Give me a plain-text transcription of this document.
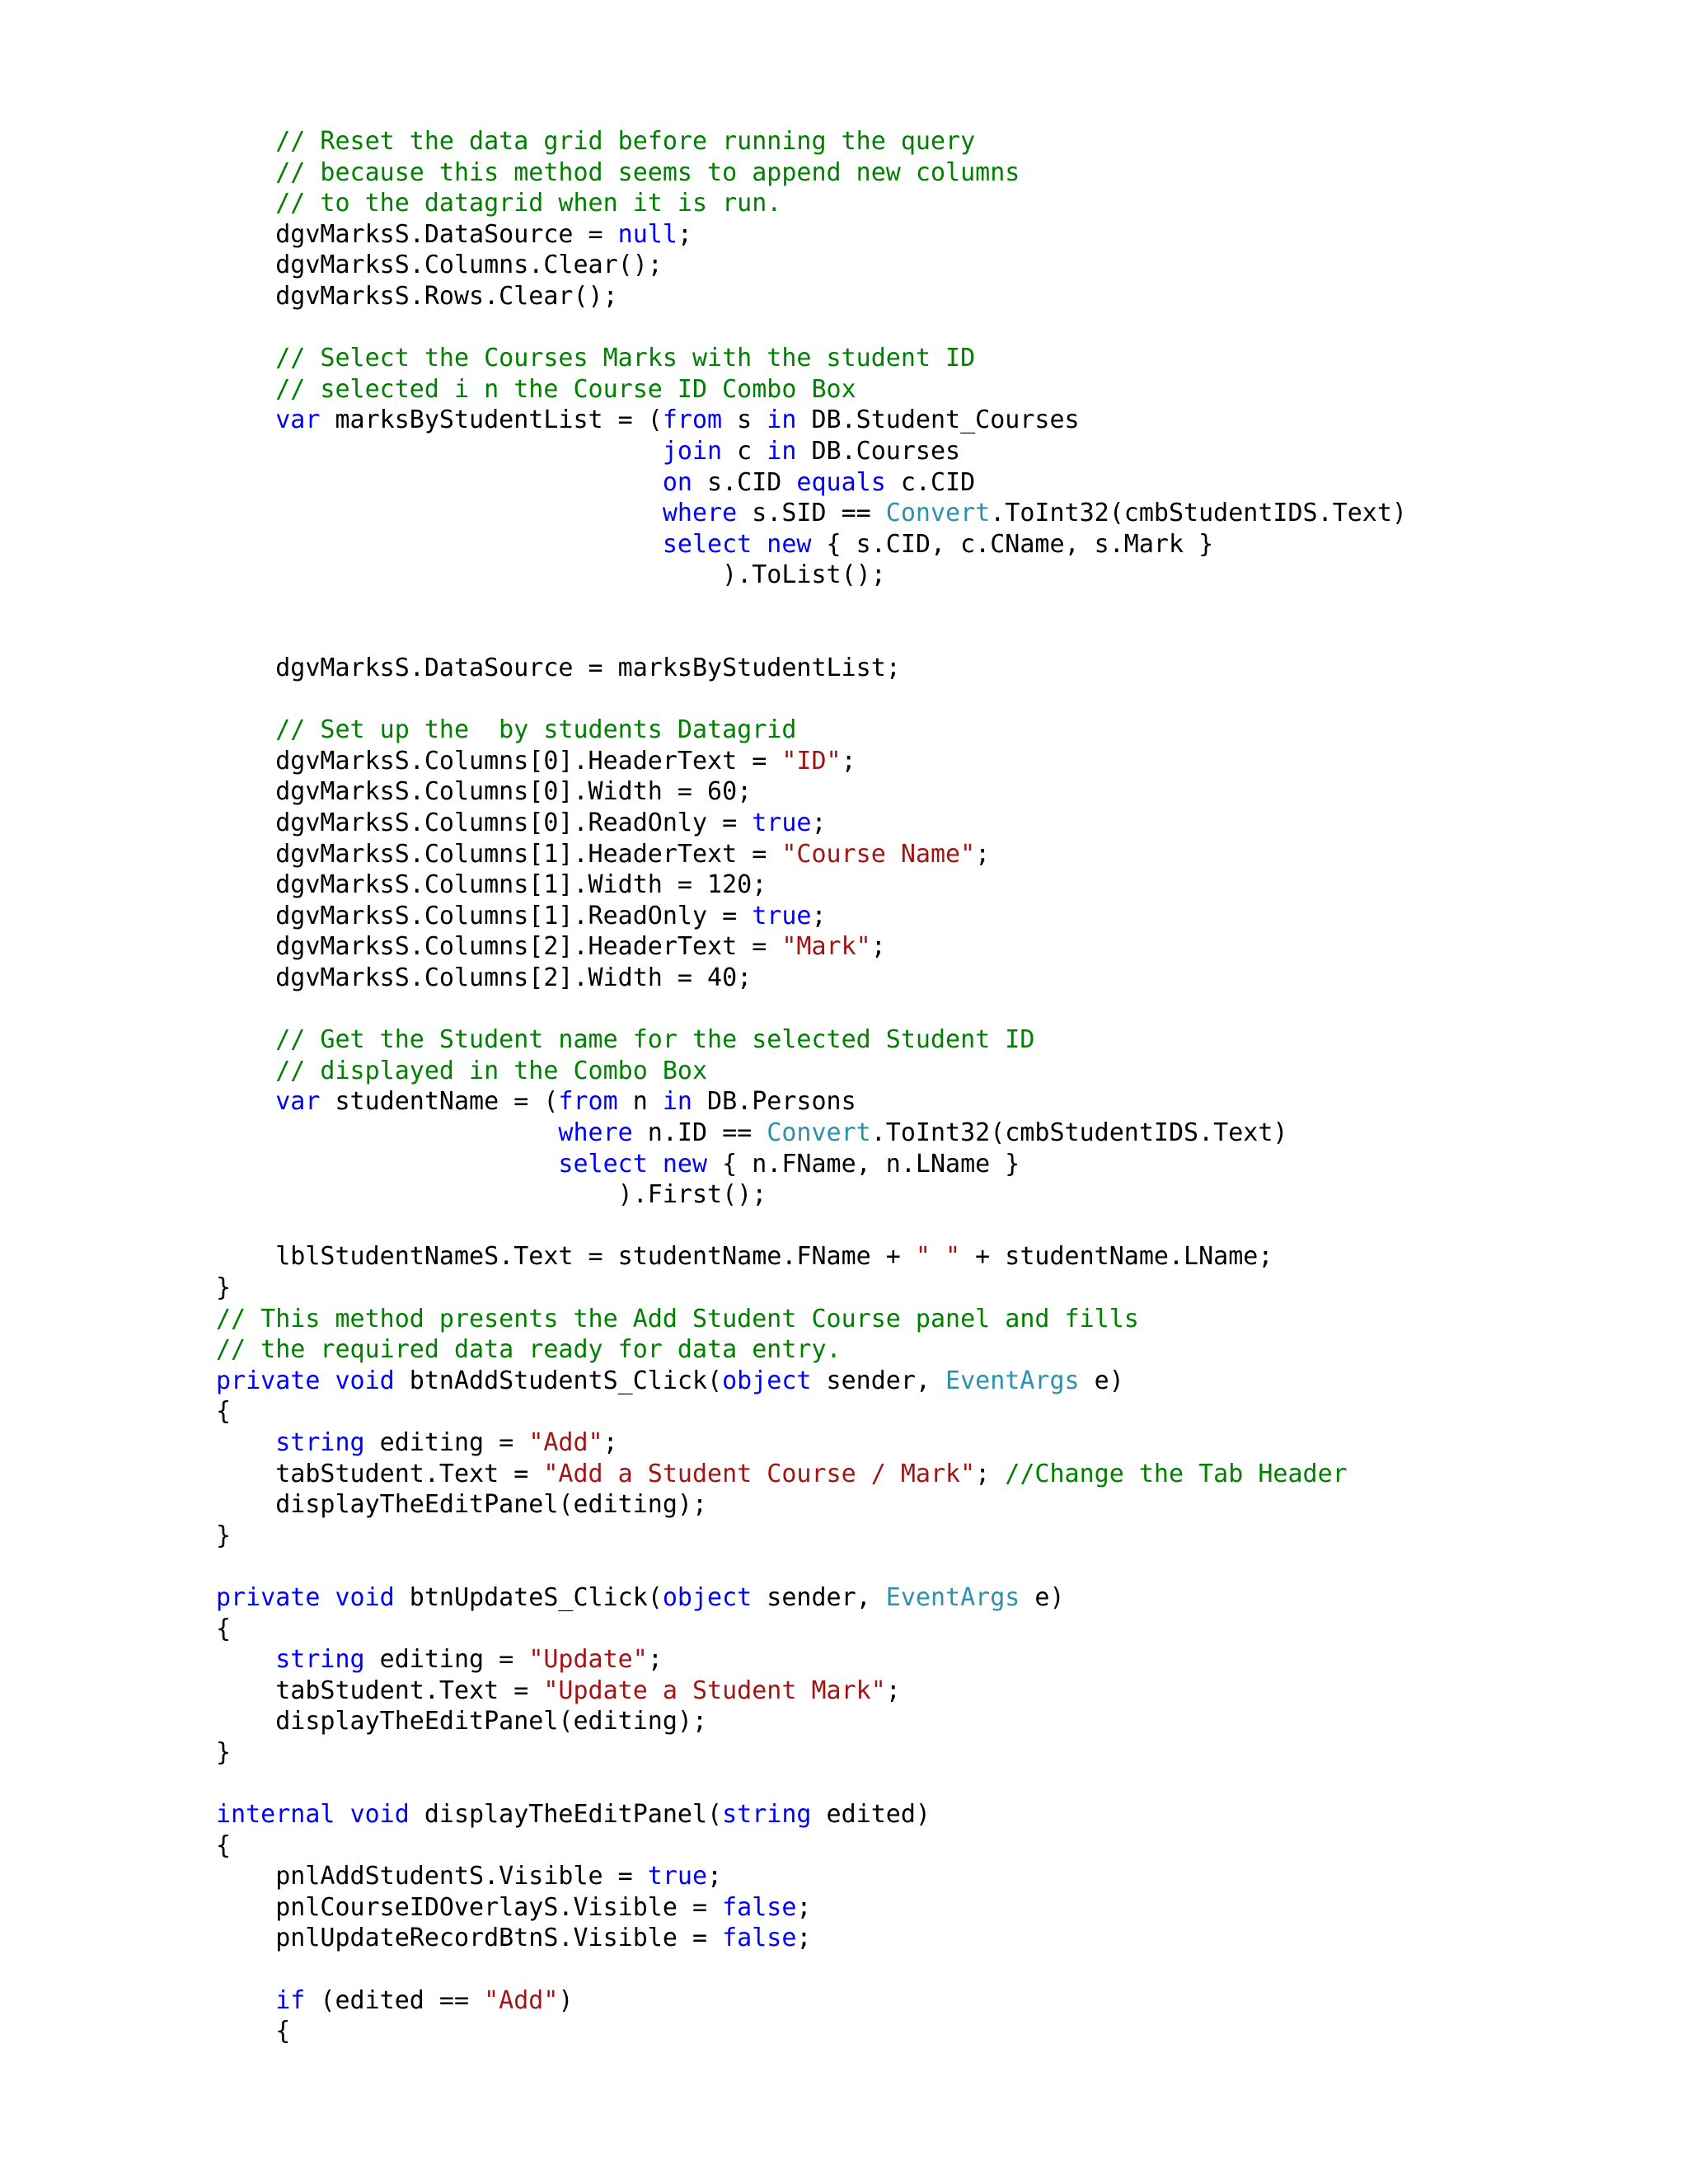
// Reset the data grid before running the query
// because this method seems to append new columns
// to the datagrid when it is run.
dgvMarksS.DataSource = null;
dgvMarksS.Columns.Clear();
dgvMarksS.Rows.Clear();
// Select the Courses Marks with the student ID
// selected i n the Course ID Combo Box
var marksByStudentList = (from s in DB.Student_Courses
join c in DB.Courses
on s.CID equals c.CID
where s.SID == Convert.ToInt32(cmbStudentIDS.Text)
select new { s.CID, c.CName, s.Mark }
).ToList();
dgvMarksS.DataSource = marksByStudentList;
// Set up the  by students Datagrid
dgvMarksS.Columns[0].HeaderText = "ID";
dgvMarksS.Columns[0].Width = 60;
dgvMarksS.Columns[0].ReadOnly = true;
dgvMarksS.Columns[1].HeaderText = "Course Name";
dgvMarksS.Columns[1].Width = 120;
dgvMarksS.Columns[1].ReadOnly = true;
dgvMarksS.Columns[2].HeaderText = "Mark";
dgvMarksS.Columns[2].Width = 40;
// Get the Student name for the selected Student ID
// displayed in the Combo Box
var studentName = (from n in DB.Persons
where n.ID == Convert.ToInt32(cmbStudentIDS.Text)
select new { n.FName, n.LName }
).First();
lblStudentNameS.Text = studentName.FName + " " + studentName.LName;
}
// This method presents the Add Student Course panel and fills
// the required data ready for data entry.
private void btnAddStudentS_Click(object sender, EventArgs e)
{
string editing = "Add";
tabStudent.Text = "Add a Student Course / Mark"; //Change the Tab Header
displayTheEditPanel(editing);
}
private void btnUpdateS_Click(object sender, EventArgs e)
{
string editing = "Update";
tabStudent.Text = "Update a Student Mark";
displayTheEditPanel(editing);
}
internal void displayTheEditPanel(string edited)
{
pnlAddStudentS.Visible = true;
pnlCourseIDOverlayS.Visible = false;
pnlUpdateRecordBtnS.Visible = false;
if (edited == "Add")
{
